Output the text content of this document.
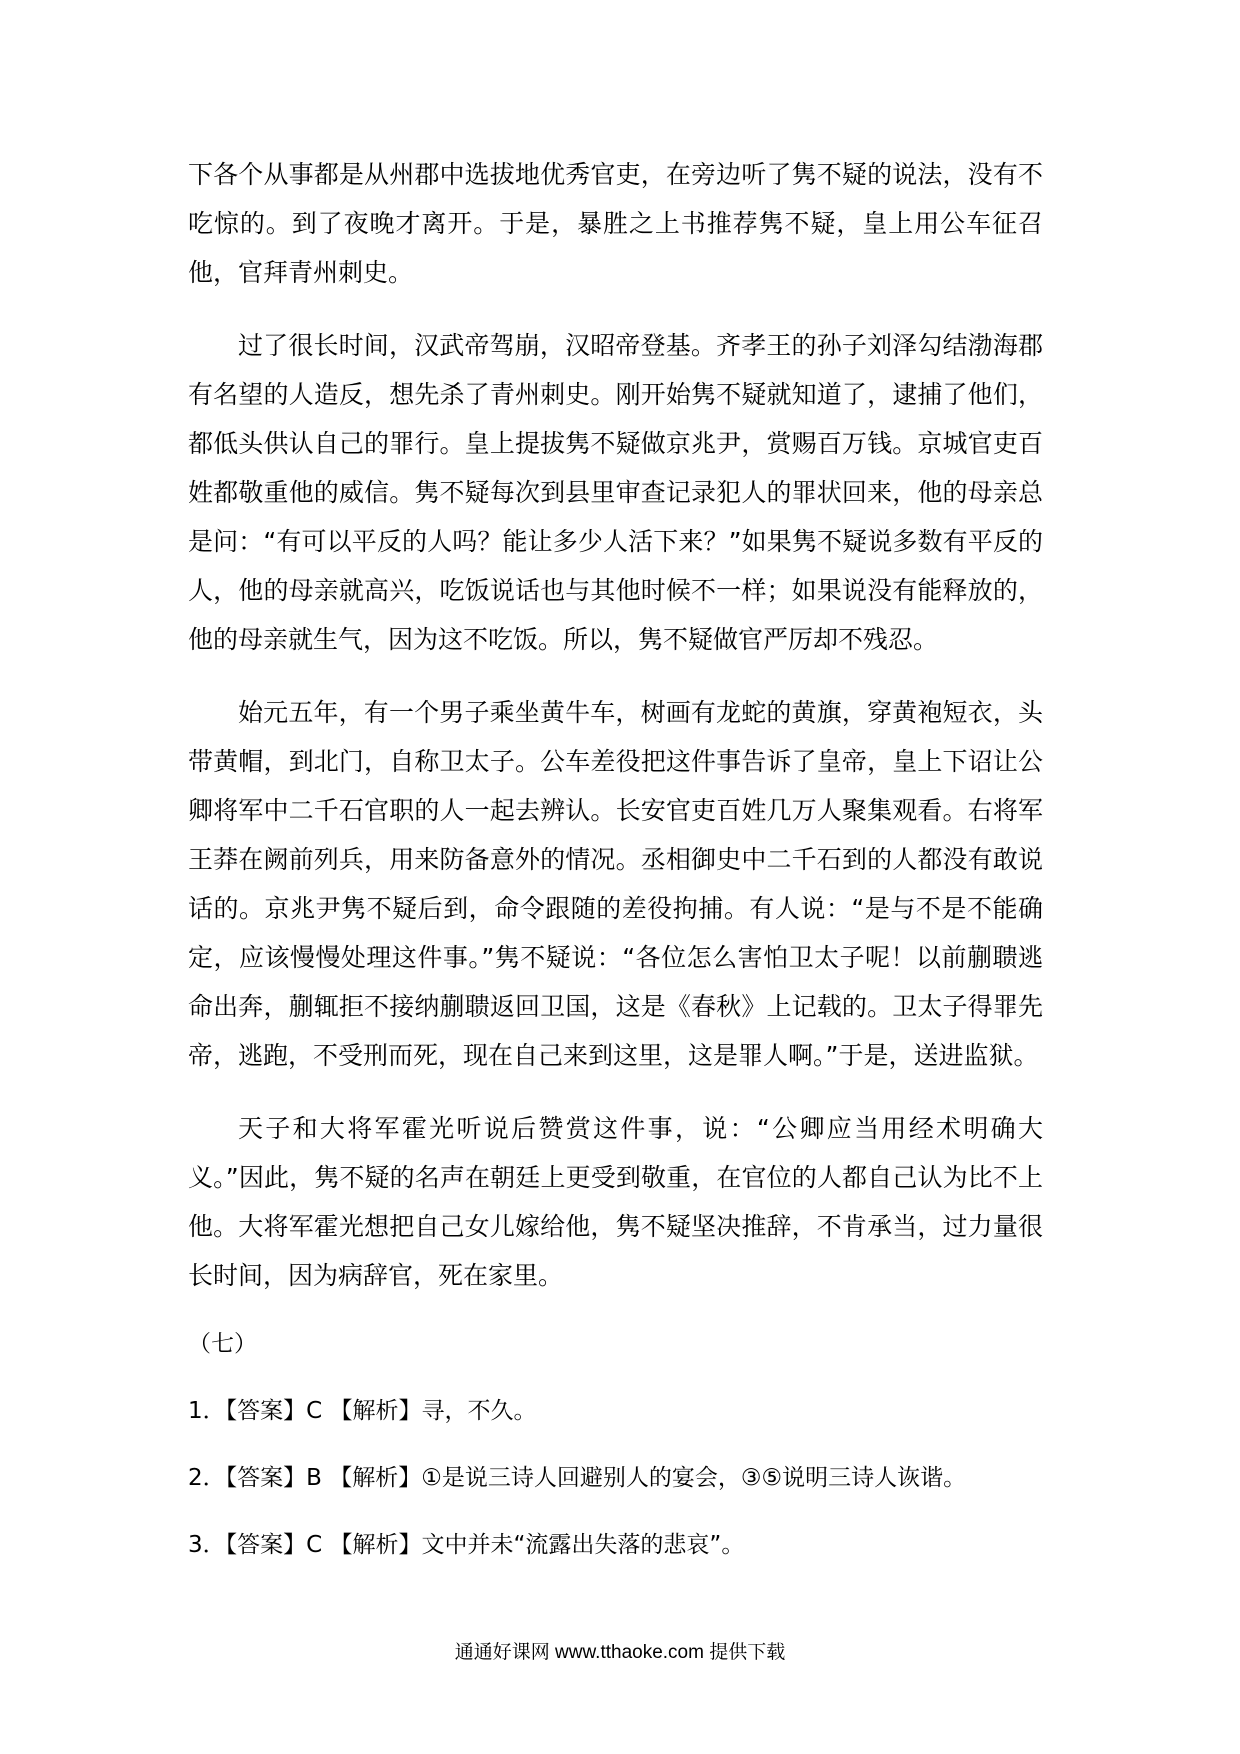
下各个从事都是从州郡中选拔地优秀官吏，在旁边听了隽不疑的说法，没有不吃惊的。到了夜晚才离开。于是，暴胜之上书推荐隽不疑，皇上用公车征召他，官拜青州刺史。

过了很长时间，汉武帝驾崩，汉昭帝登基。齐孝王的孙子刘泽勾结渤海郡有名望的人造反，想先杀了青州刺史。刚开始隽不疑就知道了，逮捕了他们，都低头供认自己的罪行。皇上提拔隽不疑做京兆尹，赏赐百万钱。京城官吏百姓都敬重他的威信。隽不疑每次到县里审查记录犯人的罪状回来，他的母亲总是问：“有可以平反的人吗？能让多少人活下来？”如果隽不疑说多数有平反的人，他的母亲就高兴，吃饭说话也与其他时候不一样；如果说没有能释放的，他的母亲就生气，因为这不吃饭。所以，隽不疑做官严厉却不残忍。

始元五年，有一个男子乘坐黄牛车，树画有龙蛇的黄旗，穿黄袍短衣，头带黄帽，到北门，自称卫太子。公车差役把这件事告诉了皇帝，皇上下诏让公卿将军中二千石官职的人一起去辨认。长安官吏百姓几万人聚集观看。右将军王莽在阙前列兵，用来防备意外的情况。丞相御史中二千石到的人都没有敢说话的。京兆尹隽不疑后到，命令跟随的差役拘捕。有人说：“是与不是不能确定，应该慢慢处理这件事。”隽不疑说：“各位怎么害怕卫太子呢！以前蒯聩逃命出奔，蒯辄拒不接纳蒯聩返回卫国，这是《春秋》上记载的。卫太子得罪先帝，逃跑，不受刑而死，现在自己来到这里，这是罪人啊。”于是，送进监狱。

天子和大将军霍光听说后赞赏这件事，说：“公卿应当用经术明确大义。”因此，隽不疑的名声在朝廷上更受到敬重，在官位的人都自己认为比不上他。大将军霍光想把自己女儿嫁给他，隽不疑坚决推辞，不肯承当，过力量很长时间，因为病辞官，死在家里。

（七）
1．【答案】C 【解析】寻，不久。
2．【答案】B 【解析】①是说三诗人回避别人的宴会，③⑤说明三诗人诙谐。
3．【答案】C 【解析】文中并未“流露出失落的悲哀”。
通通好课网 www.tthaoke.com 提供下载
